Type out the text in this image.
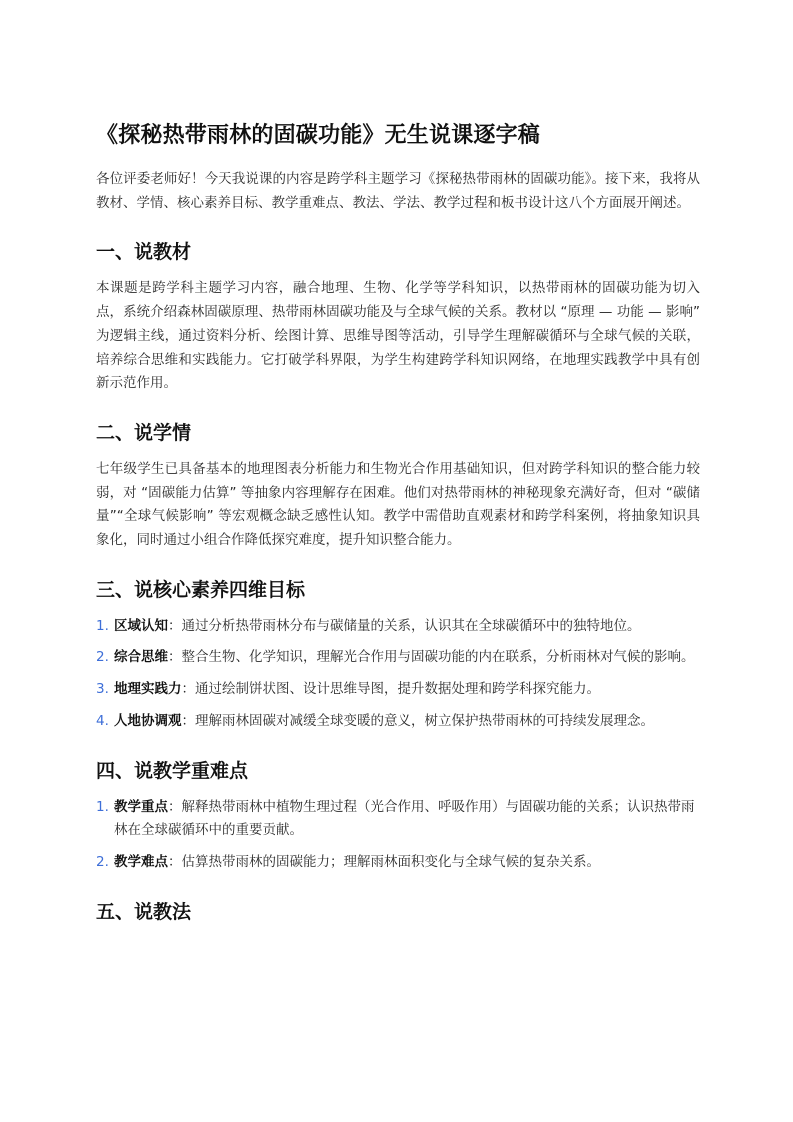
《探秘热带雨林的固碳功能》无生说课逐字稿

各位评委老师好！今天我说课的内容是跨学科主题学习《探秘热带雨林的固碳功能》。接下来，我将从教材、学情、核心素养目标、教学重难点、教法、学法、教学过程和板书设计这八个方面展开阐述。

一、说教材

本课题是跨学科主题学习内容，融合地理、生物、化学等学科知识，以热带雨林的固碳功能为切入点，系统介绍森林固碳原理、热带雨林固碳功能及与全球气候的关系。教材以 “原理 — 功能 — 影响” 为逻辑主线，通过资料分析、绘图计算、思维导图等活动，引导学生理解碳循环与全球气候的关联，培养综合思维和实践能力。它打破学科界限，为学生构建跨学科知识网络，在地理实践教学中具有创新示范作用。

二、说学情

七年级学生已具备基本的地理图表分析能力和生物光合作用基础知识，但对跨学科知识的整合能力较弱，对 “固碳能力估算” 等抽象内容理解存在困难。他们对热带雨林的神秘现象充满好奇，但对 “碳储量”“全球气候影响” 等宏观概念缺乏感性认知。教学中需借助直观素材和跨学科案例，将抽象知识具象化，同时通过小组合作降低探究难度，提升知识整合能力。

三、说核心素养四维目标
1. 区域认知：通过分析热带雨林分布与碳储量的关系，认识其在全球碳循环中的独特地位。
2. 综合思维：整合生物、化学知识，理解光合作用与固碳功能的内在联系，分析雨林对气候的影响。
3. 地理实践力：通过绘制饼状图、设计思维导图，提升数据处理和跨学科探究能力。
4. 人地协调观：理解雨林固碳对减缓全球变暖的意义，树立保护热带雨林的可持续发展理念。
四、说教学重难点
1. 教学重点：解释热带雨林中植物生理过程（光合作用、呼吸作用）与固碳功能的关系；认识热带雨林在全球碳循环中的重要贡献。
2. 教学难点：估算热带雨林的固碳能力；理解雨林面积变化与全球气候的复杂关系。
五、说教法
